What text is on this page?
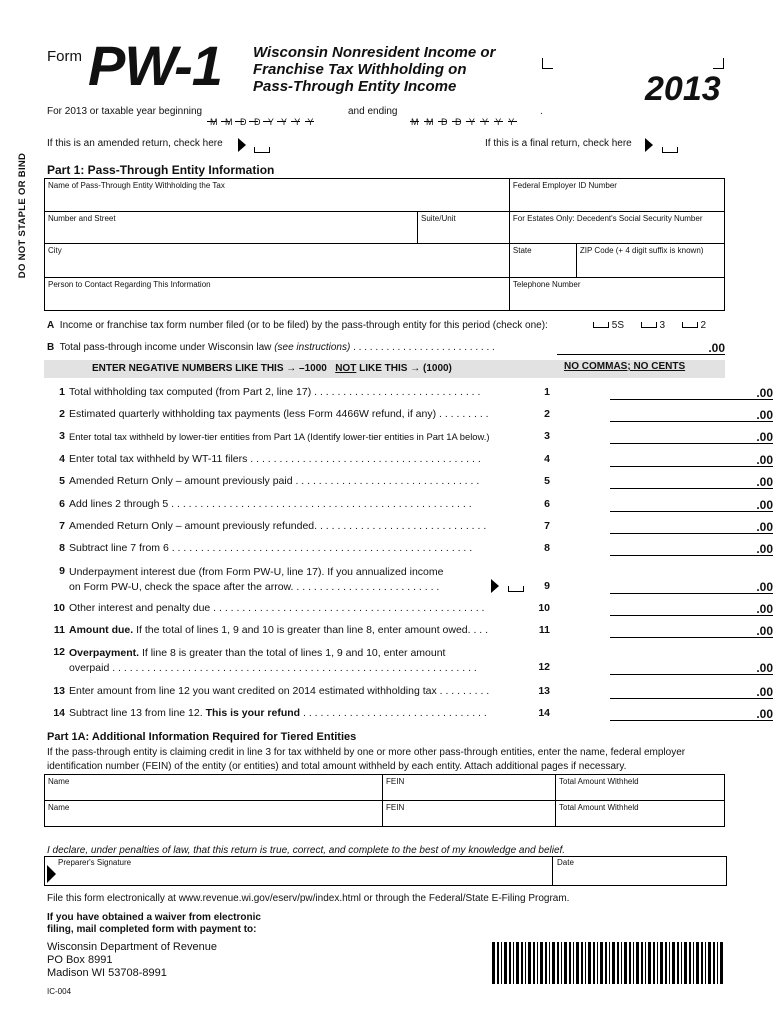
DO NOT STAPLE OR BIND
Form PW-1 Wisconsin Nonresident Income or
Franchise Tax Withholding on
Pass-Through Entity Income	2013
For 2013 or taxable year beginning
M   M   D   D   Y   Y   Y   Y
and ending	.
M   M   D   D   Y   Y   Y   Y
If this is an amended return, check here	If this is a final return, check here
Part 1: Pass-Through Entity Information
Name of Pass-Through Entity Withholding the Tax		Federal Employer ID Number	
Number and Street	Suite/Unit	For Estates Only: Decedent's Social Security Number	
City		State	ZIP Code (+ 4 digit suffix is known)
Person to Contact Regarding This Information		Telephone Number	
A Income or franchise tax form number filed (or to be filed) by the pass-through entity for this period (check one):	5S	3	2
B Total pass-through income under Wisconsin law (see instructions) . . . . . . . . . . . . . . . . . . . . . . . . . .	.00
ENTER NEGATIVE NUMBERS LIKE THIS → –1000 NOT LIKE THIS → (1000)	NO COMMAS; NO CENTS
1 Total withholding tax computed (from Part 2, line 17) . . . . . . . . . . . . . . . . . . . . . . . . . . . . .	1	.00
2 Estimated quarterly withholding tax payments (less Form 4466W refund, if any) . . . . . . . . .	2	.00
3 Enter total tax withheld by lower-tier entities from Part 1A (Identify lower-tier entities in Part 1A below.)	3	.00
4 Enter total tax withheld by WT-11 filers . . . . . . . . . . . . . . . . . . . . . . . . . . . . . . . . . . . . . . . .	4	.00
5 Amended Return Only – amount previously paid . . . . . . . . . . . . . . . . . . . . . . . . . . . . . . . .	5	.00
6 Add lines 2 through 5 . . . . . . . . . . . . . . . . . . . . . . . . . . . . . . . . . . . . . . . . . . . . . . . . . . . .	6	.00
7 Amended Return Only – amount previously refunded. . . . . . . . . . . . . . . . . . . . . . . . . . . . . .	7	.00
8 Subtract line 7 from 6 . . . . . . . . . . . . . . . . . . . . . . . . . . . . . . . . . . . . . . . . . . . . . . . . . . . .	8	.00
9 Underpayment interest due (from Form PW-U, line 17). If you annualized income
on Form PW-U, check the space after the arrow. . . . . . . . . . . . . . . . . . . . . . . . . .	9	.00
10 Other interest and penalty due . . . . . . . . . . . . . . . . . . . . . . . . . . . . . . . . . . . . . . . . . . . . . . .	10	.00
11 Amount due. If the total of lines 1, 9 and 10 is greater than line 8, enter amount owed. . . .	11	.00
12 Overpayment. If line 8 is greater than the total of lines 1, 9 and 10, enter amount
overpaid . . . . . . . . . . . . . . . . . . . . . . . . . . . . . . . . . . . . . . . . . . . . . . . . . . . . . . . . . . . . . . .	12	.00
13 Enter amount from line 12 you want credited on 2014 estimated withholding tax . . . . . . . . .	13	.00
14 Subtract line 13 from line 12. This is your refund . . . . . . . . . . . . . . . . . . . . . . . . . . . . . . . .	14	.00
Part 1A: Additional Information Required for Tiered Entities
If the pass-through entity is claiming credit in line 3 for tax withheld by one or more other pass-through entities, enter the name, federal employer
identification number (FEIN) of the entity (or entities) and total amount withheld by each entity. Attach additional pages if necessary.
Name	FEIN	Total Amount Withheld
Name	FEIN	Total Amount Withheld
I declare, under penalties of law, that this return is true, correct, and complete to the best of my knowledge and belief.
Preparer's Signature	Date
File this form electronically at www.revenue.wi.gov/eserv/pw/index.html or through the Federal/State E-Filing Program.
If you have obtained a waiver from electronic
filing, mail completed form with payment to:
Wisconsin Department of Revenue
PO Box 8991
Madison WI 53708-8991
IC-004
